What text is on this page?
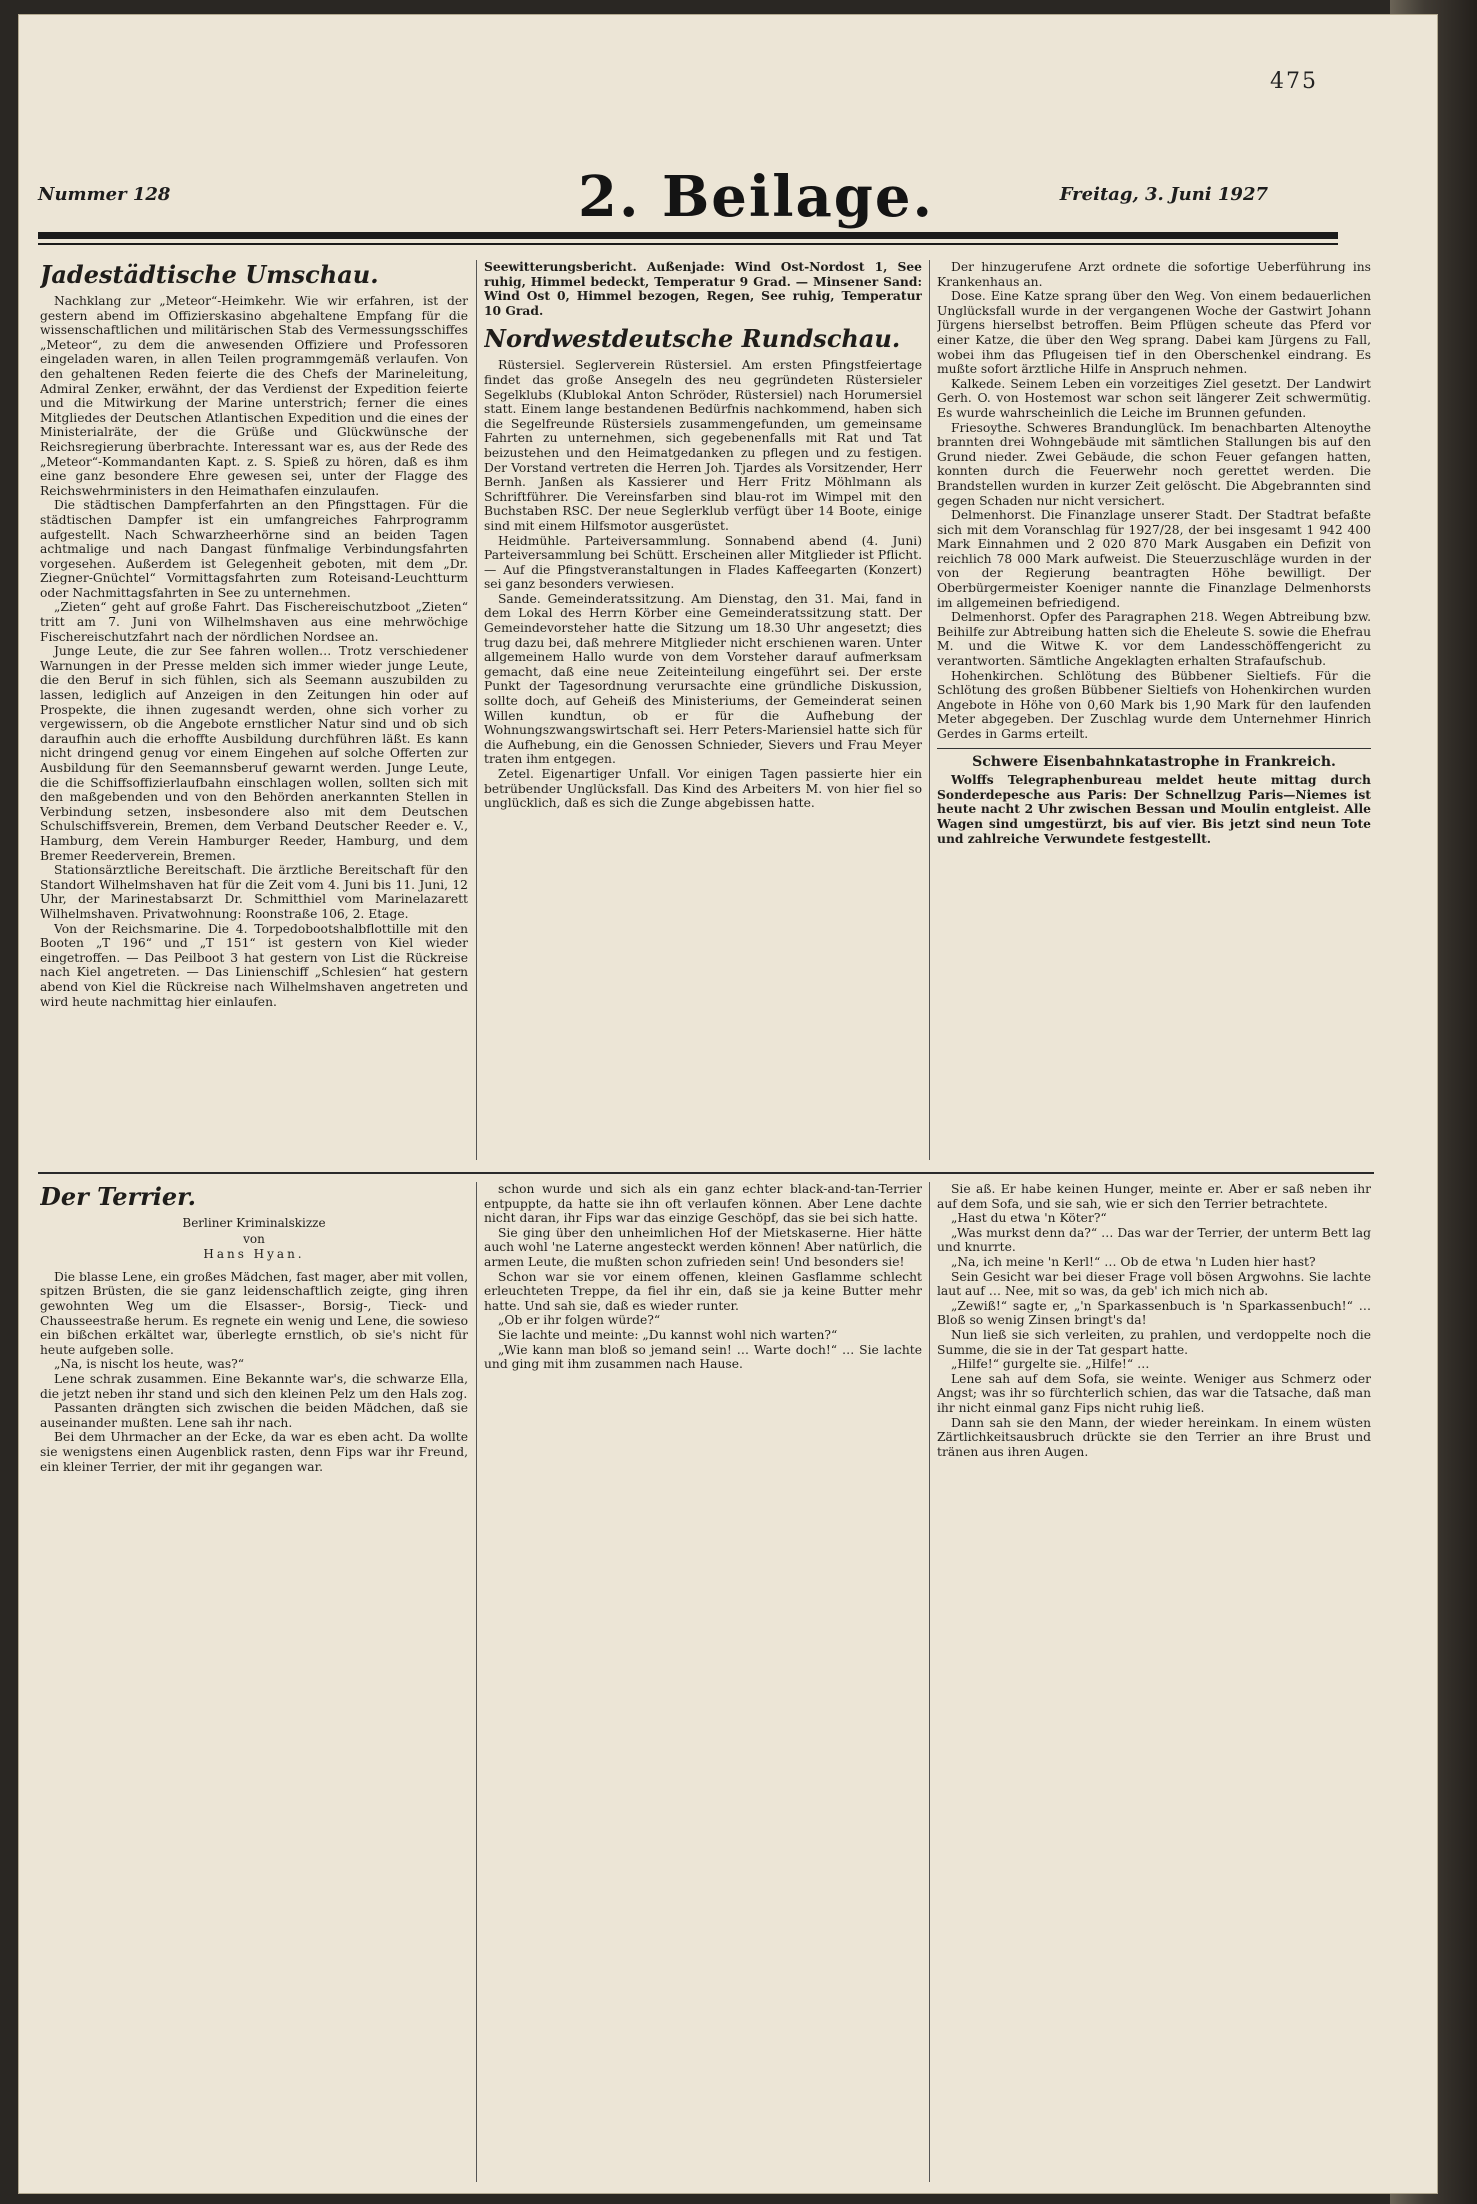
475
Nummer 128	2. Beilage.	Freitag, 3. Juni 1927
Jadestädtische Umschau.

Nachklang zur „Meteor“-Heimkehr. Wie wir erfahren, ist der gestern abend im Offizierskasino abgehaltene Empfang für die wissenschaftlichen und militärischen Stab des Vermessungsschiffes „Meteor“, zu dem die anwesenden Offiziere und Professoren eingeladen waren, in allen Teilen programmgemäß verlaufen. Von den gehaltenen Reden feierte die des Chefs der Marineleitung, Admiral Zenker, erwähnt, der das Verdienst der Expedition feierte und die Mitwirkung der Marine unterstrich; ferner die eines Mitgliedes der Deutschen Atlantischen Expedition und die eines der Ministerialräte, der die Grüße und Glückwünsche der Reichsregierung überbrachte. Interessant war es, aus der Rede des „Meteor“-Kommandanten Kapt. z. S. Spieß zu hören, daß es ihm eine ganz besondere Ehre gewesen sei, unter der Flagge des Reichswehrministers in den Heimathafen einzulaufen.

Die städtischen Dampferfahrten an den Pfingsttagen. Für die städtischen Dampfer ist ein umfangreiches Fahrprogramm aufgestellt. Nach Schwarzheerhörne sind an beiden Tagen achtmalige und nach Dangast fünfmalige Verbindungsfahrten vorgesehen. Außerdem ist Gelegenheit geboten, mit dem „Dr. Ziegner-Gnüchtel“ Vormittagsfahrten zum Roteisand-Leuchtturm oder Nachmittagsfahrten in See zu unternehmen.

„Zieten“ geht auf große Fahrt. Das Fischereischutzboot „Zieten“ tritt am 7. Juni von Wilhelmshaven aus eine mehrwöchige Fischereischutzfahrt nach der nördlichen Nordsee an.

Junge Leute, die zur See fahren wollen… Trotz verschiedener Warnungen in der Presse melden sich immer wieder junge Leute, die den Beruf in sich fühlen, sich als Seemann auszubilden zu lassen, lediglich auf Anzeigen in den Zeitungen hin oder auf Prospekte, die ihnen zugesandt werden, ohne sich vorher zu vergewissern, ob die Angebote ernstlicher Natur sind und ob sich daraufhin auch die erhoffte Ausbildung durchführen läßt. Es kann nicht dringend genug vor einem Eingehen auf solche Offerten zur Ausbildung für den Seemannsberuf gewarnt werden. Junge Leute, die die Schiffsoffizierlaufbahn einschlagen wollen, sollten sich mit den maßgebenden und von den Behörden anerkannten Stellen in Verbindung setzen, insbesondere also mit dem Deutschen Schulschiffsverein, Bremen, dem Verband Deutscher Reeder e. V., Hamburg, dem Verein Hamburger Reeder, Hamburg, und dem Bremer Reederverein, Bremen.

Stationsärztliche Bereitschaft. Die ärztliche Bereitschaft für den Standort Wilhelmshaven hat für die Zeit vom 4. Juni bis 11. Juni, 12 Uhr, der Marinestabsarzt Dr. Schmitthiel vom Marinelazarett Wilhelmshaven. Privatwohnung: Roonstraße 106, 2. Etage.

Von der Reichsmarine. Die 4. Torpedobootshalbflottille mit den Booten „T 196“ und „T 151“ ist gestern von Kiel wieder eingetroffen. — Das Peilboot 3 hat gestern von List die Rückreise nach Kiel angetreten. — Das Linienschiff „Schlesien“ hat gestern abend von Kiel die Rückreise nach Wilhelmshaven angetreten und wird heute nachmittag hier einlaufen.

Seewitterungsbericht. Außenjade: Wind Ost-Nordost 1, See ruhig, Himmel bedeckt, Temperatur 9 Grad. — Minsener Sand: Wind Ost 0, Himmel bezogen, Regen, See ruhig, Temperatur 10 Grad.

Nordwestdeutsche Rundschau.

Rüstersiel. Seglerverein Rüstersiel. Am ersten Pfingstfeiertage findet das große Ansegeln des neu gegründeten Rüstersieler Segelklubs (Klublokal Anton Schröder, Rüstersiel) nach Horumersiel statt. Einem lange bestandenen Bedürfnis nachkommend, haben sich die Segelfreunde Rüstersiels zusammengefunden, um gemeinsame Fahrten zu unternehmen, sich gegebenenfalls mit Rat und Tat beizustehen und den Heimatgedanken zu pflegen und zu festigen. Der Vorstand vertreten die Herren Joh. Tjardes als Vorsitzender, Herr Bernh. Janßen als Kassierer und Herr Fritz Möhlmann als Schriftführer. Die Vereinsfarben sind blau-rot im Wimpel mit den Buchstaben RSC. Der neue Seglerklub verfügt über 14 Boote, einige sind mit einem Hilfsmotor ausgerüstet.

Heidmühle. Parteiversammlung. Sonnabend abend (4. Juni) Parteiversammlung bei Schütt. Erscheinen aller Mitglieder ist Pflicht. — Auf die Pfingstveranstaltungen in Flades Kaffeegarten (Konzert) sei ganz besonders verwiesen.

Sande. Gemeinderatssitzung. Am Dienstag, den 31. Mai, fand in dem Lokal des Herrn Körber eine Gemeinderatssitzung statt. Der Gemeindevorsteher hatte die Sitzung um 18.30 Uhr angesetzt; dies trug dazu bei, daß mehrere Mitglieder nicht erschienen waren. Unter allgemeinem Hallo wurde von dem Vorsteher darauf aufmerksam gemacht, daß eine neue Zeiteinteilung eingeführt sei. Der erste Punkt der Tagesordnung verursachte eine gründliche Diskussion, sollte doch, auf Geheiß des Ministeriums, der Gemeinderat seinen Willen kundtun, ob er für die Aufhebung der Wohnungszwangswirtschaft sei. Herr Peters-Mariensiel hatte sich für die Aufhebung, ein die Genossen Schnieder, Sievers und Frau Meyer traten ihm entgegen.

Zetel. Eigenartiger Unfall. Vor einigen Tagen passierte hier ein betrübender Unglücksfall. Das Kind des Arbeiters M. von hier fiel so unglücklich, daß es sich die Zunge abgebissen hatte.

Der hinzugerufene Arzt ordnete die sofortige Ueberführung ins Krankenhaus an.

Dose. Eine Katze sprang über den Weg. Von einem bedauerlichen Unglücksfall wurde in der vergangenen Woche der Gastwirt Johann Jürgens hierselbst betroffen. Beim Pflügen scheute das Pferd vor einer Katze, die über den Weg sprang. Dabei kam Jürgens zu Fall, wobei ihm das Pflugeisen tief in den Oberschenkel eindrang. Es mußte sofort ärztliche Hilfe in Anspruch nehmen.

Kalkede. Seinem Leben ein vorzeitiges Ziel gesetzt. Der Landwirt Gerh. O. von Hostemost war schon seit längerer Zeit schwermütig. Es wurde wahrscheinlich die Leiche im Brunnen gefunden.

Friesoythe. Schweres Brandunglück. Im benachbarten Altenoythe brannten drei Wohngebäude mit sämtlichen Stallungen bis auf den Grund nieder. Zwei Gebäude, die schon Feuer gefangen hatten, konnten durch die Feuerwehr noch gerettet werden. Die Brandstellen wurden in kurzer Zeit gelöscht. Die Abgebrannten sind gegen Schaden nur nicht versichert.

Delmenhorst. Die Finanzlage unserer Stadt. Der Stadtrat befaßte sich mit dem Voranschlag für 1927/28, der bei insgesamt 1 942 400 Mark Einnahmen und 2 020 870 Mark Ausgaben ein Defizit von reichlich 78 000 Mark aufweist. Die Steuerzuschläge wurden in der von der Regierung beantragten Höhe bewilligt. Der Oberbürgermeister Koeniger nannte die Finanzlage Delmenhorsts im allgemeinen befriedigend.

Delmenhorst. Opfer des Paragraphen 218. Wegen Abtreibung bzw. Beihilfe zur Abtreibung hatten sich die Eheleute S. sowie die Ehefrau M. und die Witwe K. vor dem Landesschöffengericht zu verantworten. Sämtliche Angeklagten erhalten Strafaufschub.

Hohenkirchen. Schlötung des Bübbener Sieltiefs. Für die Schlötung des großen Bübbener Sieltiefs von Hohenkirchen wurden Angebote in Höhe von 0,60 Mark bis 1,90 Mark für den laufenden Meter abgegeben. Der Zuschlag wurde dem Unternehmer Hinrich Gerdes in Garms erteilt.

Schwere Eisenbahnkatastrophe in Frankreich.

Wolffs Telegraphenbureau meldet heute mittag durch Sonderdepesche aus Paris: Der Schnellzug Paris—Niemes ist heute nacht 2 Uhr zwischen Bessan und Moulin entgleist. Alle Wagen sind umgestürzt, bis auf vier. Bis jetzt sind neun Tote und zahlreiche Verwundete festgestellt.

Der Terrier.
Berliner Kriminalskizze
von
Hans Hyan.

Die blasse Lene, ein großes Mädchen, fast mager, aber mit vollen, spitzen Brüsten, die sie ganz leidenschaftlich zeigte, ging ihren gewohnten Weg um die Elsasser-, Borsig-, Tieck- und Chausseestraße herum. Es regnete ein wenig und Lene, die sowieso ein bißchen erkältet war, überlegte ernstlich, ob sie's nicht für heute aufgeben solle.

„Na, is nischt los heute, was?“

Lene schrak zusammen. Eine Bekannte war's, die schwarze Ella, die jetzt neben ihr stand und sich den kleinen Pelz um den Hals zog.

Passanten drängten sich zwischen die beiden Mädchen, daß sie auseinander mußten. Lene sah ihr nach.

Bei dem Uhrmacher an der Ecke, da war es eben acht. Da wollte sie wenigstens einen Augenblick rasten, denn Fips war ihr Freund, ein kleiner Terrier, der mit ihr gegangen war.

schon wurde und sich als ein ganz echter black-and-tan-Terrier entpuppte, da hatte sie ihn oft verlaufen können. Aber Lene dachte nicht daran, ihr Fips war das einzige Geschöpf, das sie bei sich hatte.

Sie ging über den unheimlichen Hof der Mietskaserne. Hier hätte auch wohl 'ne Laterne angesteckt werden können! Aber natürlich, die armen Leute, die mußten schon zufrieden sein! Und besonders sie!

Schon war sie vor einem offenen, kleinen Gasflamme schlecht erleuchteten Treppe, da fiel ihr ein, daß sie ja keine Butter mehr hatte. Und sah sie, daß es wieder runter.

„Ob er ihr folgen würde?“

Sie lachte und meinte: „Du kannst wohl nich warten?“

„Wie kann man bloß so jemand sein! … Warte doch!“ … Sie lachte und ging mit ihm zusammen nach Hause.

Sie aß. Er habe keinen Hunger, meinte er. Aber er saß neben ihr auf dem Sofa, und sie sah, wie er sich den Terrier betrachtete.

„Hast du etwa 'n Köter?“

„Was murkst denn da?“ … Das war der Terrier, der unterm Bett lag und knurrte.

„Na, ich meine 'n Kerl!“ … Ob de etwa 'n Luden hier hast?

Sein Gesicht war bei dieser Frage voll bösen Argwohns. Sie lachte laut auf … Nee, mit so was, da geb' ich mich nich ab.

„Zewiß!“ sagte er, „'n Sparkassenbuch is 'n Sparkassenbuch!“ … Bloß so wenig Zinsen bringt's da!

Nun ließ sie sich verleiten, zu prahlen, und verdoppelte noch die Summe, die sie in der Tat gespart hatte.

„Hilfe!“ gurgelte sie. „Hilfe!“ …

Lene sah auf dem Sofa, sie weinte. Weniger aus Schmerz oder Angst; was ihr so fürchterlich schien, das war die Tatsache, daß man ihr nicht einmal ganz Fips nicht ruhig ließ.

Dann sah sie den Mann, der wieder hereinkam. In einem wüsten Zärtlichkeitsausbruch drückte sie den Terrier an ihre Brust und tränen aus ihren Augen.
